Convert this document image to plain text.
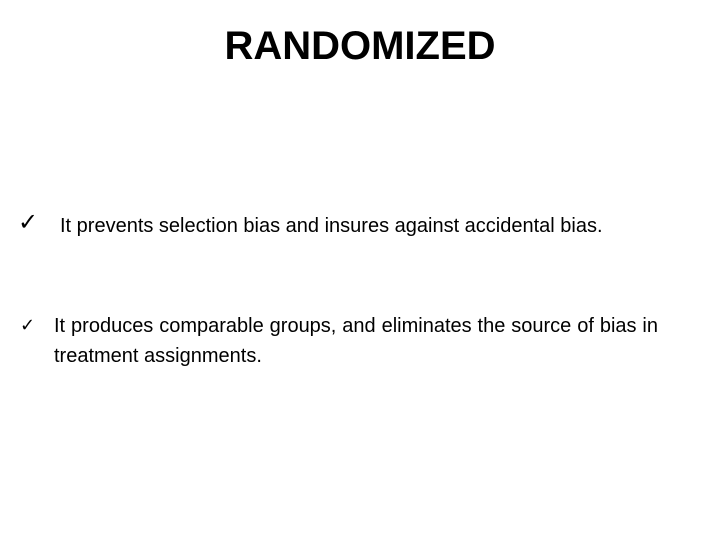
RANDOMIZED
✓	It prevents selection bias and insures against accidental bias.
✓ It produces comparable groups, and eliminates the source of bias in treatment assignments.
